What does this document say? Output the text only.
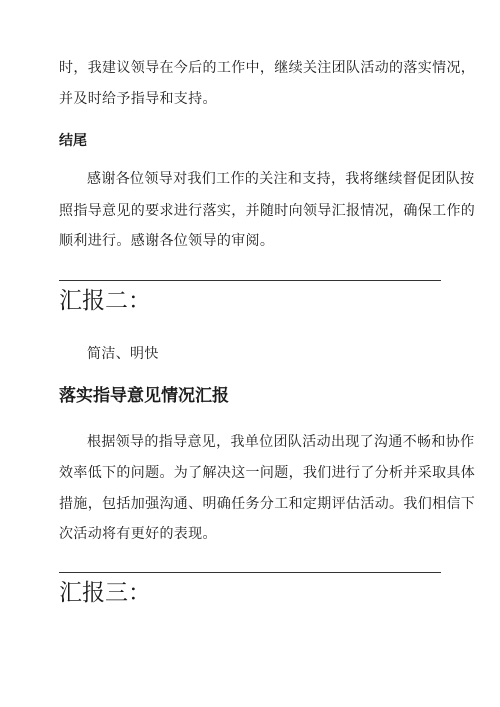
时，我建议领导在今后的工作中，继续关注团队活动的落实情况，
并及时给予指导和支持。
结尾
感谢各位领导对我们工作的关注和支持，我将继续督促团队按
照指导意见的要求进行落实，并随时向领导汇报情况，确保工作的
顺利进行。感谢各位领导的审阅。
汇报二：
简洁、明快
落实指导意见情况汇报
根据领导的指导意见，我单位团队活动出现了沟通不畅和协作
效率低下的问题。为了解决这一问题，我们进行了分析并采取具体
措施，包括加强沟通、明确任务分工和定期评估活动。我们相信下
次活动将有更好的表现。
汇报三：
